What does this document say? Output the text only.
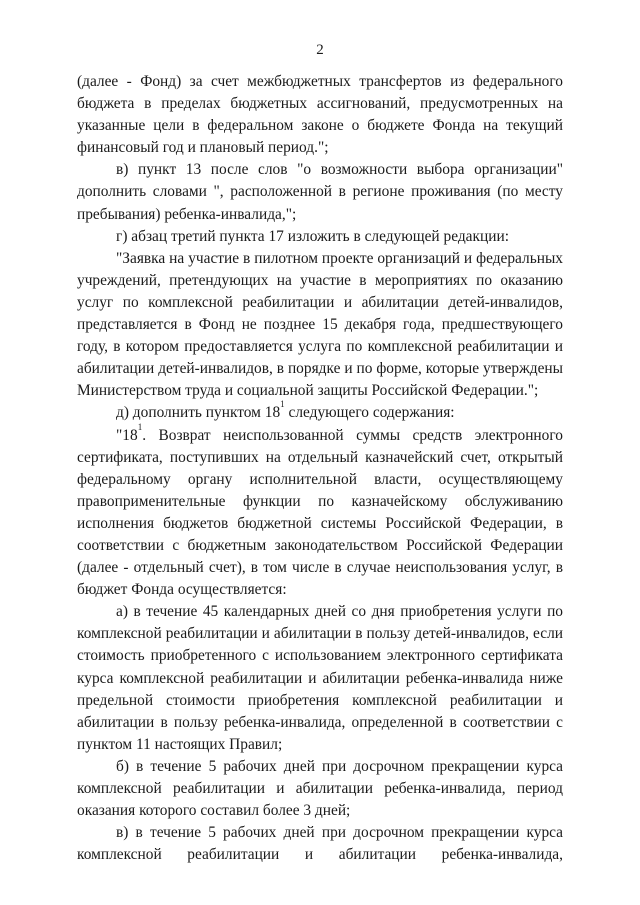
2

(далее - Фонд) за счет межбюджетных трансфертов из федерального бюджета в пределах бюджетных ассигнований, предусмотренных на указанные цели в федеральном законе о бюджете Фонда на текущий финансовый год и плановый период.";

в) пункт 13 после слов "о возможности выбора организации" дополнить словами ", расположенной в регионе проживания (по месту пребывания) ребенка-инвалида,";

г) абзац третий пункта 17 изложить в следующей редакции:

"Заявка на участие в пилотном проекте организаций и федеральных учреждений, претендующих на участие в мероприятиях по оказанию услуг по комплексной реабилитации и абилитации детей-инвалидов, представляется в Фонд не позднее 15 декабря года, предшествующего году, в котором предоставляется услуга по комплексной реабилитации и абилитации детей-инвалидов, в порядке и по форме, которые утверждены Министерством труда и социальной защиты Российской Федерации.";

д) дополнить пунктом $18^1$ следующего содержания:

"$18^1$. Возврат неиспользованной суммы средств электронного сертификата, поступивших на отдельный казначейский счет, открытый федеральному органу исполнительной власти, осуществляющему правоприменительные функции по казначейскому обслуживанию исполнения бюджетов бюджетной системы Российской Федерации, в соответствии с бюджетным законодательством Российской Федерации (далее - отдельный счет), в том числе в случае неиспользования услуг, в бюджет Фонда осуществляется:

а) в течение 45 календарных дней со дня приобретения услуги по комплексной реабилитации и абилитации в пользу детей-инвалидов, если стоимость приобретенного с использованием электронного сертификата курса комплексной реабилитации и абилитации ребенка-инвалида ниже предельной стоимости приобретения комплексной реабилитации и абилитации в пользу ребенка-инвалида, определенной в соответствии с пунктом 11 настоящих Правил;

б) в течение 5 рабочих дней при досрочном прекращении курса комплексной реабилитации и абилитации ребенка-инвалида, период оказания которого составил более 3 дней;

в) в течение 5 рабочих дней при досрочном прекращении курса комплексной реабилитации и абилитации ребенка-инвалида,
